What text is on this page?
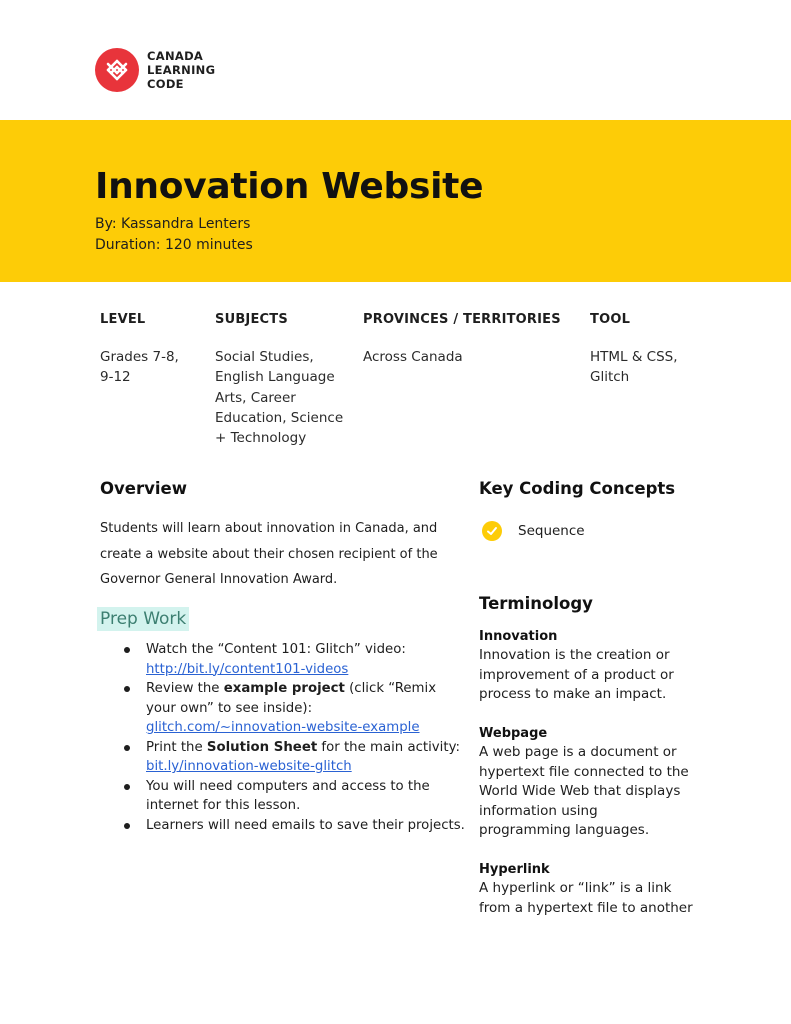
CANADA
LEARNING
CODE
Innovation Website
By: Kassandra Lenters
Duration: 120 minutes
LEVEL
Grades 7-8,
9-12
SUBJECTS
Social Studies,
English Language
Arts, Career
Education, Science
+ Technology
PROVINCES / TERRITORIES
Across Canada
TOOL
HTML & CSS,
Glitch
Overview
Students will learn about innovation in Canada, and
create a website about their chosen recipient of the
Governor General Innovation Award.
Prep Work
Watch the “Content 101: Glitch” video:
http://bit.ly/content101-videos
Review the example project (click “Remix your own” to see inside):
glitch.com/~innovation-website-example
Print the Solution Sheet for the main activity:
bit.ly/innovation-website-glitch
You will need computers and access to the internet for this lesson.
Learners will need emails to save their projects.
Key Coding Concepts
Sequence
Terminology
Innovation
Innovation is the creation or
improvement of a product or
process to make an impact.
Webpage
A web page is a document or
hypertext file connected to the
World Wide Web that displays
information using
programming languages.
Hyperlink
A hyperlink or “link” is a link
from a hypertext file to another
